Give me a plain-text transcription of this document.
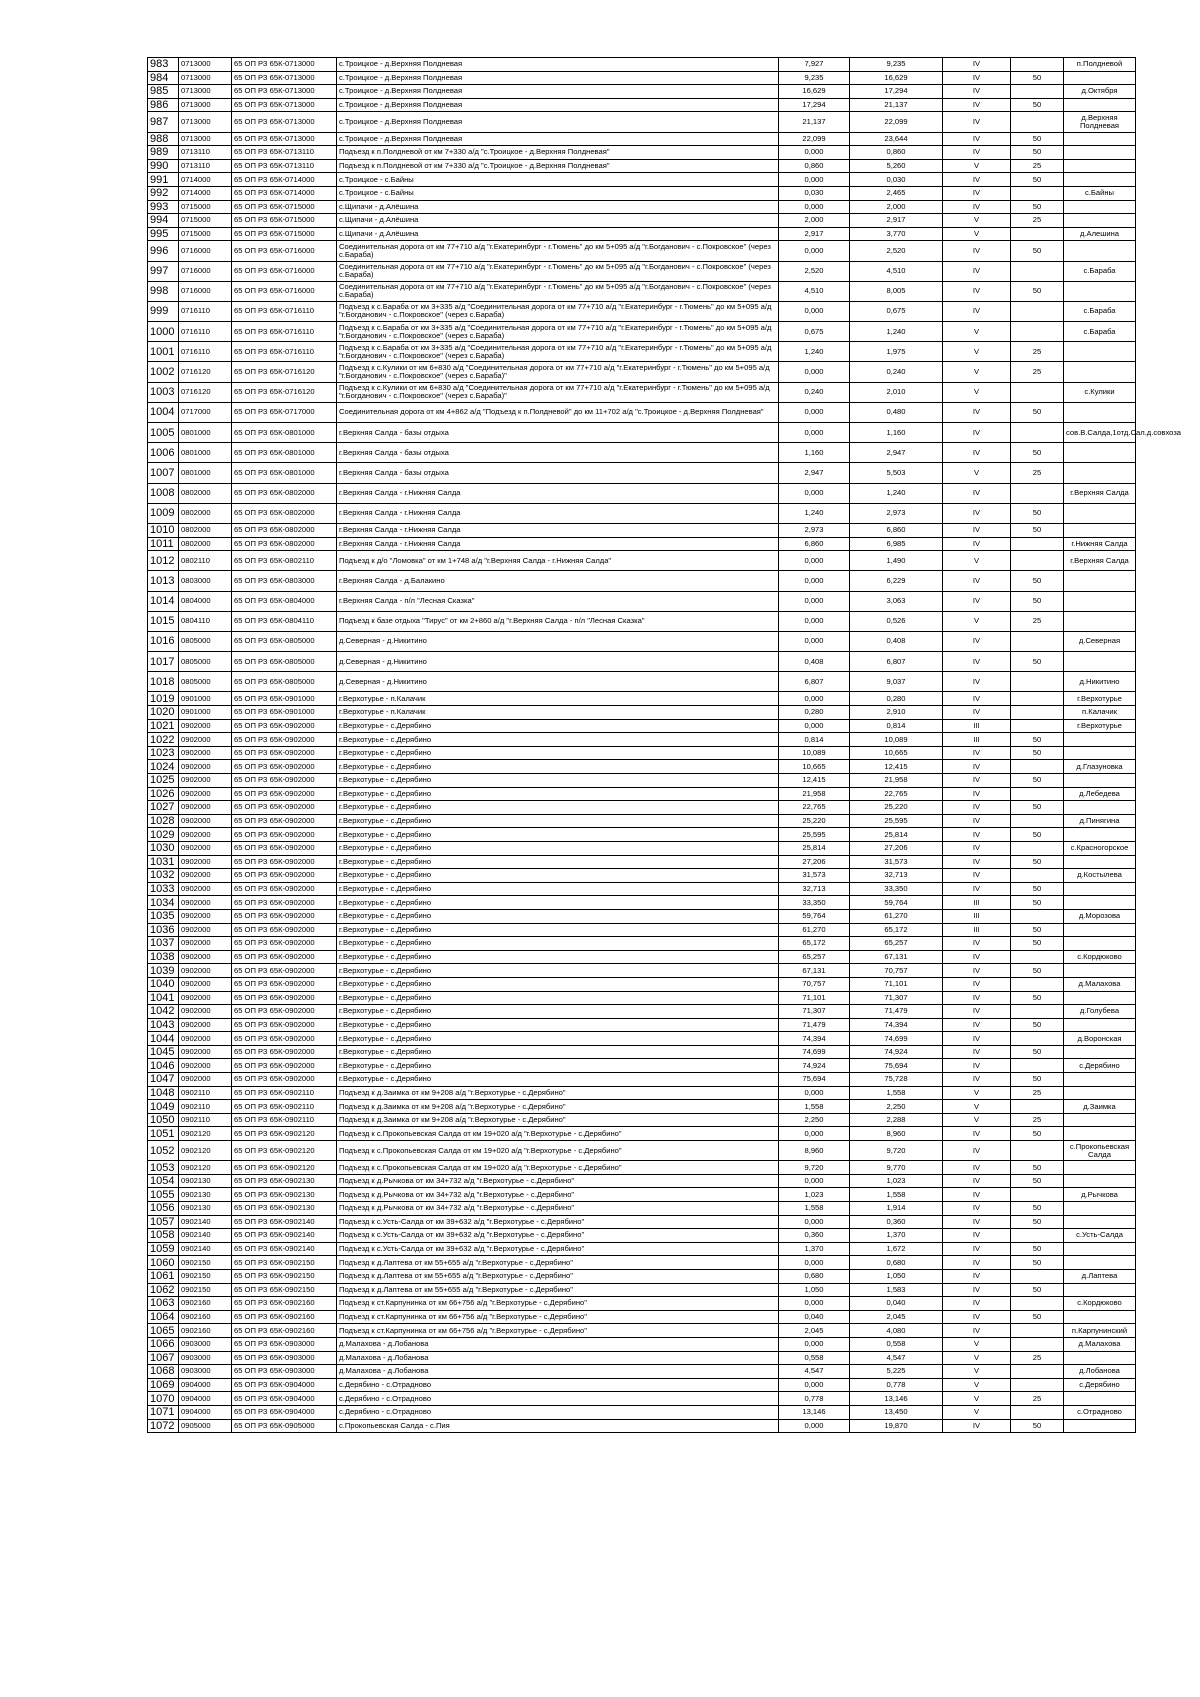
983	0713000	65 ОП РЗ 65К-0713000	с.Троицкое - д.Верхняя Полдневая	7,927	9,235	IV		п.Полдневой
984	0713000	65 ОП РЗ 65К-0713000	с.Троицкое - д.Верхняя Полдневая	9,235	16,629	IV	50	
985	0713000	65 ОП РЗ 65К-0713000	с.Троицкое - д.Верхняя Полдневая	16,629	17,294	IV		д.Октября
986	0713000	65 ОП РЗ 65К-0713000	с.Троицкое - д.Верхняя Полдневая	17,294	21,137	IV	50	
987	0713000	65 ОП РЗ 65К-0713000	с.Троицкое - д.Верхняя Полдневая	21,137	22,099	IV		д.Верхняя Полдневая
988	0713000	65 ОП РЗ 65К-0713000	с.Троицкое - д.Верхняя Полдневая	22,099	23,644	IV	50	
989	0713110	65 ОП РЗ 65К-0713110	Подъезд к п.Полдневой от км 7+330 а/д "с.Троицкое - д.Верхняя Полдневая"	0,000	0,860	IV	50	
990	0713110	65 ОП РЗ 65К-0713110	Подъезд к п.Полдневой от км 7+330 а/д "с.Троицкое - д.Верхняя Полдневая"	0,860	5,260	V	25	
991	0714000	65 ОП РЗ 65К-0714000	с.Троицкое - с.Байны	0,000	0,030	IV	50	
992	0714000	65 ОП РЗ 65К-0714000	с.Троицкое - с.Байны	0,030	2,465	IV		с.Байны
993	0715000	65 ОП РЗ 65К-0715000	с.Щипачи - д.Алёшина	0,000	2,000	IV	50	
994	0715000	65 ОП РЗ 65К-0715000	с.Щипачи - д.Алёшина	2,000	2,917	V	25	
995	0715000	65 ОП РЗ 65К-0715000	с.Щипачи - д.Алёшина	2,917	3,770	V		д.Алешина
996	0716000	65 ОП РЗ 65К-0716000	Соединительная дорога от км 77+710 а/д "г.Екатеринбург - г.Тюмень" до км 5+095 а/д "г.Богданович - с.Покровское" (через с.Бараба)	0,000	2,520	IV	50	
997	0716000	65 ОП РЗ 65К-0716000	Соединительная дорога от км 77+710 а/д "г.Екатеринбург - г.Тюмень" до км 5+095 а/д "г.Богданович - с.Покровское" (через с.Бараба)	2,520	4,510	IV		с.Бараба
998	0716000	65 ОП РЗ 65К-0716000	Соединительная дорога от км 77+710 а/д "г.Екатеринбург - г.Тюмень" до км 5+095 а/д "г.Богданович - с.Покровское" (через с.Бараба)	4,510	8,005	IV	50	
999	0716110	65 ОП РЗ 65К-0716110	Подъезд к с.Бараба от км 3+335 а/д "Соединительная дорога от км 77+710 а/д "г.Екатеринбург - г.Тюмень" до км 5+095 а/д "г.Богданович - с.Покровское" (через с.Бараба)	0,000	0,675	IV		с.Бараба
1000	0716110	65 ОП РЗ 65К-0716110	Подъезд к с.Бараба от км 3+335 а/д "Соединительная дорога от км 77+710 а/д "г.Екатеринбург - г.Тюмень" до км 5+095 а/д "г.Богданович - с.Покровское" (через с.Бараба)	0,675	1,240	V		с.Бараба
1001	0716110	65 ОП РЗ 65К-0716110	Подъезд к с.Бараба от км 3+335 а/д "Соединительная дорога от км 77+710 а/д "г.Екатеринбург - г.Тюмень" до км 5+095 а/д "г.Богданович - с.Покровское" (через с.Бараба)	1,240	1,975	V	25	
1002	0716120	65 ОП РЗ 65К-0716120	Подъезд к с.Кулики от км 6+830 а/д "Соединительная дорога от км 77+710 а/д "г.Екатеринбург - г.Тюмень" до км 5+095 а/д "г.Богданович - с.Покровское" (через с.Бараба)"	0,000	0,240	V	25	
1003	0716120	65 ОП РЗ 65К-0716120	Подъезд к с.Кулики от км 6+830 а/д "Соединительная дорога от км 77+710 а/д "г.Екатеринбург - г.Тюмень" до км 5+095 а/д "г.Богданович - с.Покровское" (через с.Бараба)"	0,240	2,010	V		с.Кулики
1004	0717000	65 ОП РЗ 65К-0717000	Соединительная дорога от км 4+862 а/д "Подъезд к п.Полдневой" до км 11+702 а/д "с.Троицкое - д.Верхняя Полдневая"	0,000	0,480	IV	50	
1005	0801000	65 ОП РЗ 65К-0801000	г.Верхняя Салда - базы отдыха	0,000	1,160	IV		сов.В.Салда,1отд.Сал.д.совхоза
1006	0801000	65 ОП РЗ 65К-0801000	г.Верхняя Салда - базы отдыха	1,160	2,947	IV	50	
1007	0801000	65 ОП РЗ 65К-0801000	г.Верхняя Салда - базы отдыха	2,947	5,503	V	25	
1008	0802000	65 ОП РЗ 65К-0802000	г.Верхняя Салда - г.Нижняя Салда	0,000	1,240	IV		г.Верхняя Салда
1009	0802000	65 ОП РЗ 65К-0802000	г.Верхняя Салда - г.Нижняя Салда	1,240	2,973	IV	50	
1010	0802000	65 ОП РЗ 65К-0802000	г.Верхняя Салда - г.Нижняя Салда	2,973	6,860	IV	50	
1011	0802000	65 ОП РЗ 65К-0802000	г.Верхняя Салда - г.Нижняя Салда	6,860	6,985	IV		г.Нижняя Салда
1012	0802110	65 ОП РЗ 65К-0802110	Подъезд к д/о "Ломовка" от км 1+748 а/д "г.Верхняя Салда - г.Нижняя Салда"	0,000	1,490	V		г.Верхняя Салда
1013	0803000	65 ОП РЗ 65К-0803000	г.Верхняя Салда - д.Балакино	0,000	6,229	IV	50	
1014	0804000	65 ОП РЗ 65К-0804000	г.Верхняя Салда - п/л "Лесная Сказка"	0,000	3,063	IV	50	
1015	0804110	65 ОП РЗ 65К-0804110	Подъезд к базе отдыха "Тирус" от км 2+860 а/д "г.Верхняя Салда - п/л "Лесная Сказка"	0,000	0,526	V	25	
1016	0805000	65 ОП РЗ 65К-0805000	д.Северная - д.Никитино	0,000	0,408	IV		д.Северная
1017	0805000	65 ОП РЗ 65К-0805000	д.Северная - д.Никитино	0,408	6,807	IV	50	
1018	0805000	65 ОП РЗ 65К-0805000	д.Северная - д.Никитино	6,807	9,037	IV		д.Никитино
1019	0901000	65 ОП РЗ 65К-0901000	г.Верхотурье - п.Калачик	0,000	0,280	IV		г.Верхотурье
1020	0901000	65 ОП РЗ 65К-0901000	г.Верхотурье - п.Калачик	0,280	2,910	IV		п.Калачик
1021	0902000	65 ОП РЗ 65К-0902000	г.Верхотурье - с.Дерябино	0,000	0,814	III		г.Верхотурье
1022	0902000	65 ОП РЗ 65К-0902000	г.Верхотурье - с.Дерябино	0,814	10,089	III	50	
1023	0902000	65 ОП РЗ 65К-0902000	г.Верхотурье - с.Дерябино	10,089	10,665	IV	50	
1024	0902000	65 ОП РЗ 65К-0902000	г.Верхотурье - с.Дерябино	10,665	12,415	IV		д.Глазуновка
1025	0902000	65 ОП РЗ 65К-0902000	г.Верхотурье - с.Дерябино	12,415	21,958	IV	50	
1026	0902000	65 ОП РЗ 65К-0902000	г.Верхотурье - с.Дерябино	21,958	22,765	IV		д.Лебедева
1027	0902000	65 ОП РЗ 65К-0902000	г.Верхотурье - с.Дерябино	22,765	25,220	IV	50	
1028	0902000	65 ОП РЗ 65К-0902000	г.Верхотурье - с.Дерябино	25,220	25,595	IV		д.Пинягина
1029	0902000	65 ОП РЗ 65К-0902000	г.Верхотурье - с.Дерябино	25,595	25,814	IV	50	
1030	0902000	65 ОП РЗ 65К-0902000	г.Верхотурье - с.Дерябино	25,814	27,206	IV		с.Красногорское
1031	0902000	65 ОП РЗ 65К-0902000	г.Верхотурье - с.Дерябино	27,206	31,573	IV	50	
1032	0902000	65 ОП РЗ 65К-0902000	г.Верхотурье - с.Дерябино	31,573	32,713	IV		д.Костылева
1033	0902000	65 ОП РЗ 65К-0902000	г.Верхотурье - с.Дерябино	32,713	33,350	IV	50	
1034	0902000	65 ОП РЗ 65К-0902000	г.Верхотурье - с.Дерябино	33,350	59,764	III	50	
1035	0902000	65 ОП РЗ 65К-0902000	г.Верхотурье - с.Дерябино	59,764	61,270	III		д.Морозова
1036	0902000	65 ОП РЗ 65К-0902000	г.Верхотурье - с.Дерябино	61,270	65,172	III	50	
1037	0902000	65 ОП РЗ 65К-0902000	г.Верхотурье - с.Дерябино	65,172	65,257	IV	50	
1038	0902000	65 ОП РЗ 65К-0902000	г.Верхотурье - с.Дерябино	65,257	67,131	IV		с.Кордюково
1039	0902000	65 ОП РЗ 65К-0902000	г.Верхотурье - с.Дерябино	67,131	70,757	IV	50	
1040	0902000	65 ОП РЗ 65К-0902000	г.Верхотурье - с.Дерябино	70,757	71,101	IV		д.Малахова
1041	0902000	65 ОП РЗ 65К-0902000	г.Верхотурье - с.Дерябино	71,101	71,307	IV	50	
1042	0902000	65 ОП РЗ 65К-0902000	г.Верхотурье - с.Дерябино	71,307	71,479	IV		д.Голубева
1043	0902000	65 ОП РЗ 65К-0902000	г.Верхотурье - с.Дерябино	71,479	74,394	IV	50	
1044	0902000	65 ОП РЗ 65К-0902000	г.Верхотурье - с.Дерябино	74,394	74,699	IV		д.Воронская
1045	0902000	65 ОП РЗ 65К-0902000	г.Верхотурье - с.Дерябино	74,699	74,924	IV	50	
1046	0902000	65 ОП РЗ 65К-0902000	г.Верхотурье - с.Дерябино	74,924	75,694	IV		с.Дерябино
1047	0902000	65 ОП РЗ 65К-0902000	г.Верхотурье - с.Дерябино	75,694	75,728	IV	50	
1048	0902110	65 ОП РЗ 65К-0902110	Подъезд к д.Заимка от км 9+208 а/д "г.Верхотурье - с.Дерябино"	0,000	1,558	V	25	
1049	0902110	65 ОП РЗ 65К-0902110	Подъезд к д.Заимка от км 9+208 а/д "г.Верхотурье - с.Дерябино"	1,558	2,250	V		д.Заимка
1050	0902110	65 ОП РЗ 65К-0902110	Подъезд к д.Заимка от км 9+208 а/д "г.Верхотурье - с.Дерябино"	2,250	2,288	V	25	
1051	0902120	65 ОП РЗ 65К-0902120	Подъезд к с.Прокопьевская Салда от км 19+020 а/д "г.Верхотурье - с.Дерябино"	0,000	8,960	IV	50	
1052	0902120	65 ОП РЗ 65К-0902120	Подъезд к с.Прокопьевская Салда от км 19+020 а/д "г.Верхотурье - с.Дерябино"	8,960	9,720	IV		с.Прокопьевская Салда
1053	0902120	65 ОП РЗ 65К-0902120	Подъезд к с.Прокопьевская Салда от км 19+020 а/д "г.Верхотурье - с.Дерябино"	9,720	9,770	IV	50	
1054	0902130	65 ОП РЗ 65К-0902130	Подъезд к д.Рычкова от км 34+732 а/д "г.Верхотурье - с.Дерябино"	0,000	1,023	IV	50	
1055	0902130	65 ОП РЗ 65К-0902130	Подъезд к д.Рычкова от км 34+732 а/д "г.Верхотурье - с.Дерябино"	1,023	1,558	IV		д.Рычкова
1056	0902130	65 ОП РЗ 65К-0902130	Подъезд к д.Рычкова от км 34+732 а/д "г.Верхотурье - с.Дерябино"	1,558	1,914	IV	50	
1057	0902140	65 ОП РЗ 65К-0902140	Подъезд к с.Усть-Салда от км 39+632 а/д "г.Верхотурье - с.Дерябино"	0,000	0,360	IV	50	
1058	0902140	65 ОП РЗ 65К-0902140	Подъезд к с.Усть-Салда от км 39+632 а/д "г.Верхотурье - с.Дерябино"	0,360	1,370	IV		с.Усть-Салда
1059	0902140	65 ОП РЗ 65К-0902140	Подъезд к с.Усть-Салда от км 39+632 а/д "г.Верхотурье - с.Дерябино"	1,370	1,672	IV	50	
1060	0902150	65 ОП РЗ 65К-0902150	Подъезд к д.Лаптева от км 55+655 а/д "г.Верхотурье - с.Дерябино"	0,000	0,680	IV	50	
1061	0902150	65 ОП РЗ 65К-0902150	Подъезд к д.Лаптева от км 55+655 а/д "г.Верхотурье - с.Дерябино"	0,680	1,050	IV		д.Лаптева
1062	0902150	65 ОП РЗ 65К-0902150	Подъезд к д.Лаптева от км 55+655 а/д "г.Верхотурье - с.Дерябино"	1,050	1,583	IV	50	
1063	0902160	65 ОП РЗ 65К-0902160	Подъезд к ст.Карпунинка от км 66+756 а/д "г.Верхотурье - с.Дерябино"	0,000	0,040	IV		с.Кордюково
1064	0902160	65 ОП РЗ 65К-0902160	Подъезд к ст.Карпунинка от км 66+756 а/д "г.Верхотурье - с.Дерябино"	0,040	2,045	IV	50	
1065	0902160	65 ОП РЗ 65К-0902160	Подъезд к ст.Карпунинка от км 66+756 а/д "г.Верхотурье - с.Дерябино"	2,045	4,080	IV		п.Карпунинский
1066	0903000	65 ОП РЗ 65К-0903000	д.Малахова - д.Лобанова	0,000	0,558	V		д.Малахова
1067	0903000	65 ОП РЗ 65К-0903000	д.Малахова - д.Лобанова	0,558	4,547	V	25	
1068	0903000	65 ОП РЗ 65К-0903000	д.Малахова - д.Лобанова	4,547	5,225	V		д.Лобанова
1069	0904000	65 ОП РЗ 65К-0904000	с.Дерябино - с.Отрадново	0,000	0,778	V		с.Дерябино
1070	0904000	65 ОП РЗ 65К-0904000	с.Дерябино - с.Отрадново	0,778	13,146	V	25	
1071	0904000	65 ОП РЗ 65К-0904000	с.Дерябино - с.Отрадново	13,146	13,450	V		с.Отрадново
1072	0905000	65 ОП РЗ 65К-0905000	с.Прокопьевская Салда - с.Пия	0,000	19,870	IV	50	
